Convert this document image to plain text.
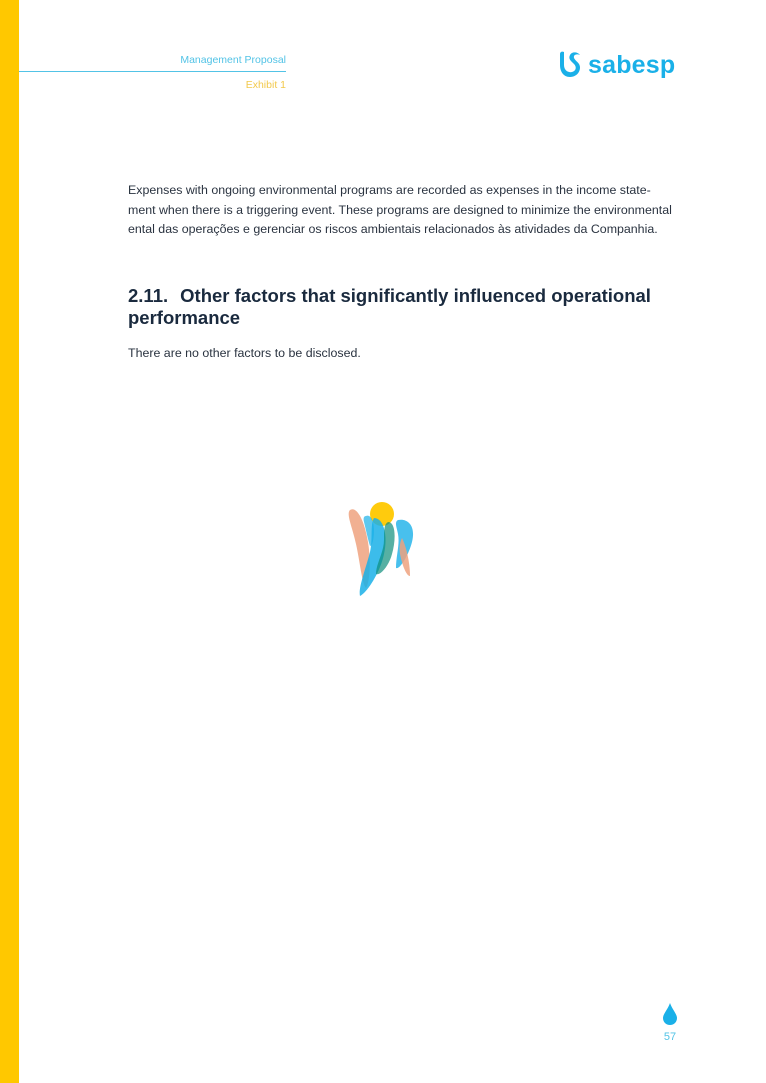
Management Proposal
Exhibit 1
sabesp

Expenses with ongoing environmental programs are recorded as expenses in the income state-
ment when there is a triggering event. These programs are designed to minimize the environmental
ental das operações e gerenciar os riscos ambientais relacionados às atividades da Companhia.

2.11. Other factors that significantly influenced operational performance

There are no other factors to be disclosed.

57
